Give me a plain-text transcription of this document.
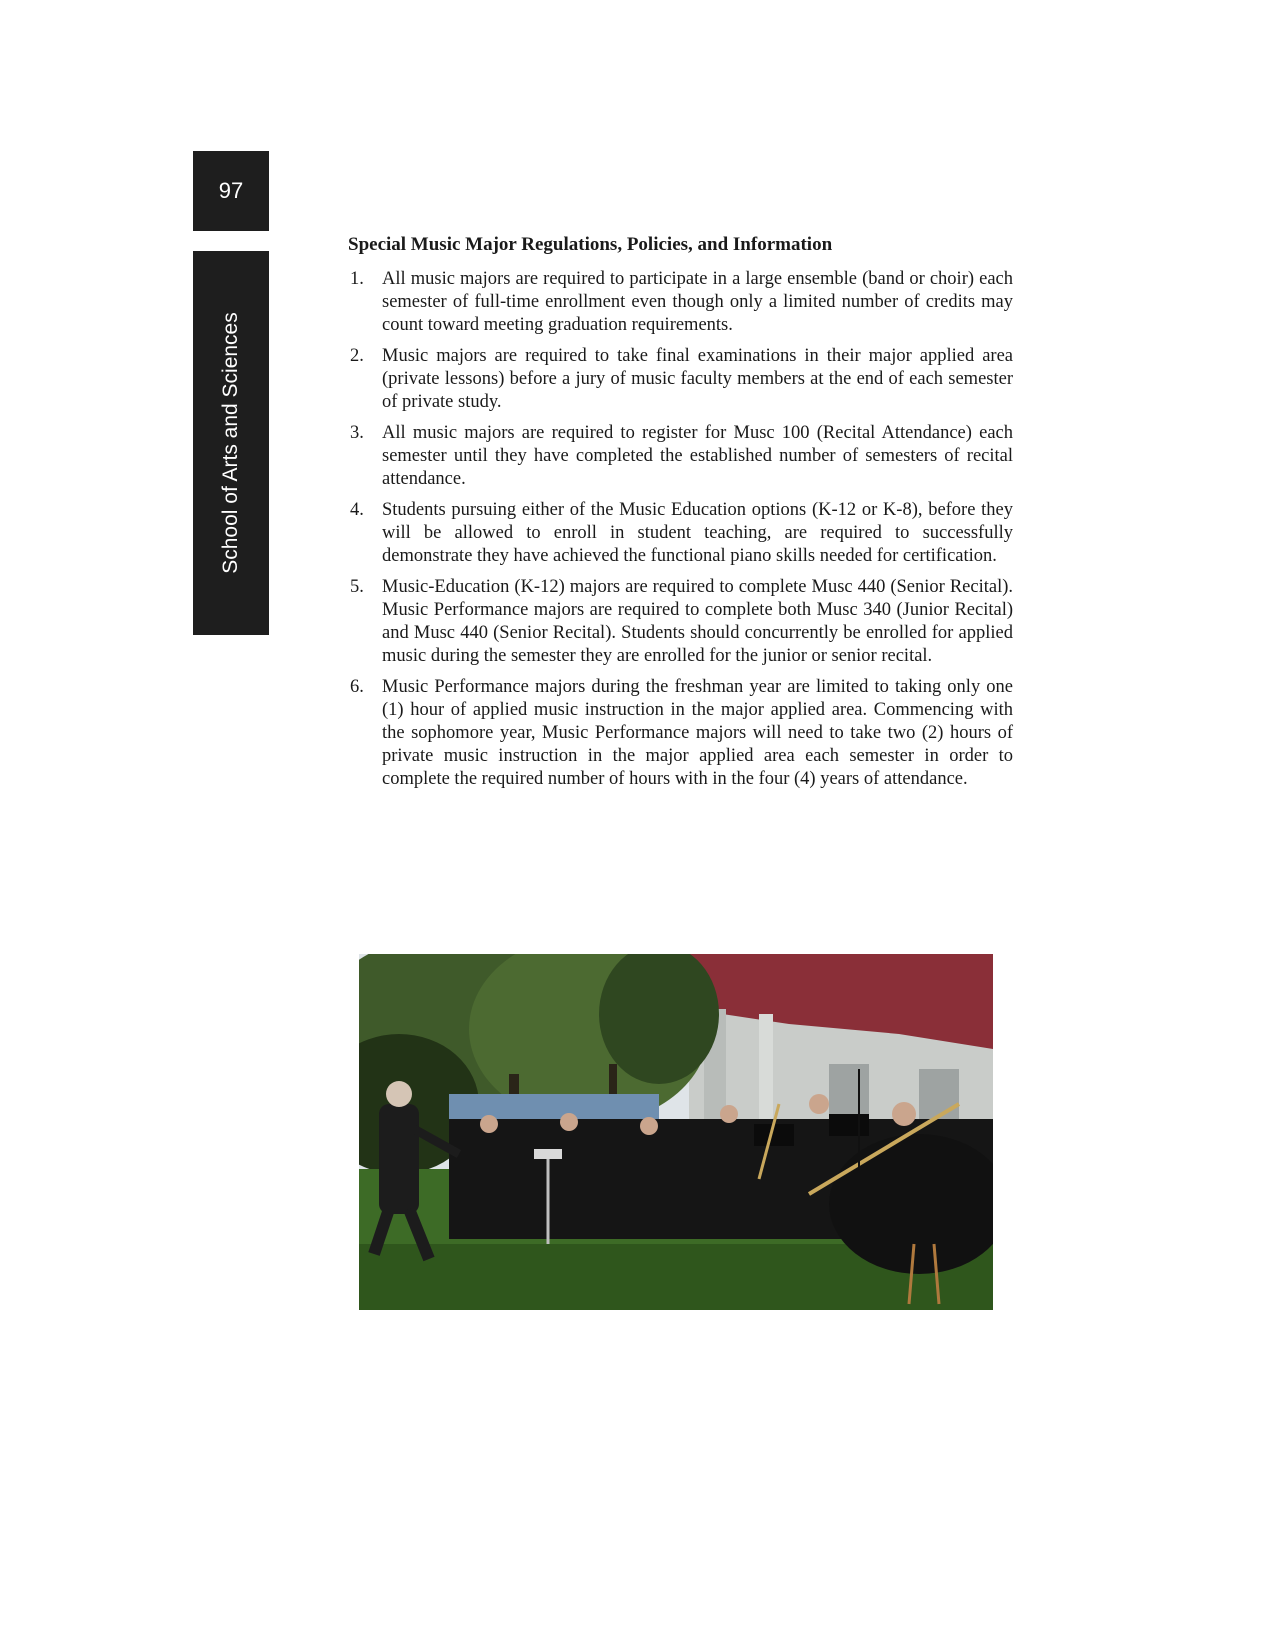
97
School of Arts and Sciences
Special Music Major Regulations, Policies, and Information
1. All music majors are required to participate in a large ensemble (band or choir) each semester of full-time enrollment even though only a limited number of credits may count toward meeting graduation requirements.
2. Music majors are required to take final examinations in their major applied area (private lessons) before a jury of music faculty members at the end of each semester of private study.
3. All music majors are required to register for Musc 100 (Recital Attendance) each semester until they have completed the established number of semesters of recital attendance.
4. Students pursuing either of the Music Education options (K-12 or K-8), before they will be allowed to enroll in student teaching, are required to successfully demonstrate they have achieved the functional piano skills needed for certification.
5. Music-Education (K-12) majors are required to complete Musc 440 (Senior Recital). Music Performance majors are required to complete both Musc 340 (Junior Recital) and Musc 440 (Senior Recital). Students should concurrently be enrolled for applied music during the semester they are enrolled for the junior or senior recital.
6. Music Performance majors during the freshman year are limited to taking only one (1) hour of applied music instruction in the major applied area. Commencing with the sophomore year, Music Performance majors will need to take two (2) hours of private music instruction in the major applied area each semester in order to complete the required number of hours with in the four (4) years of attendance.
